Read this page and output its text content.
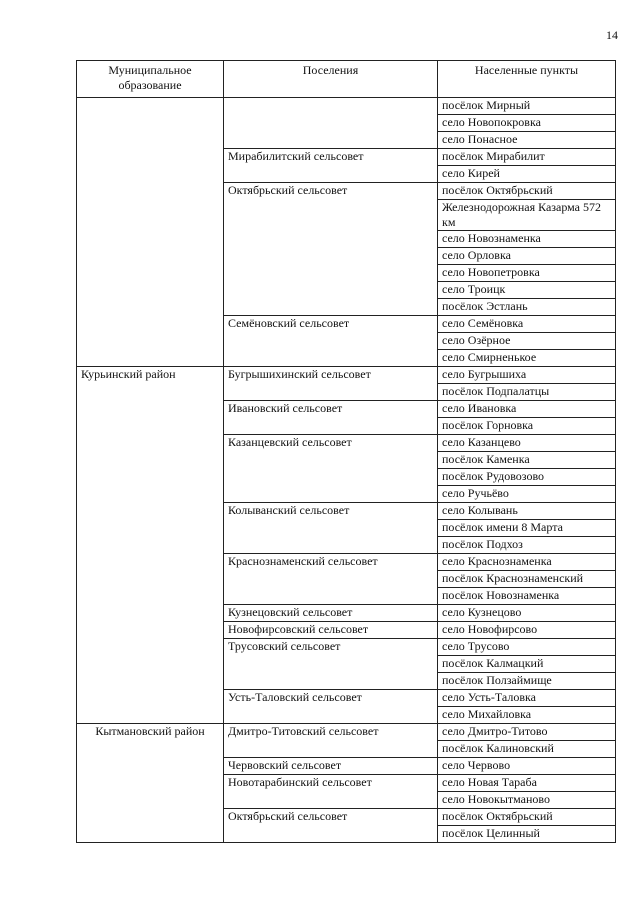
14
Муниципальное образование	Поселения	Населенные пункты
		посёлок Мирный
		село Новопокровка
		село Понасное
	Мирабилитский сельсовет	посёлок Мирабилит
		село Кирей
	Октябрьский сельсовет	посёлок Октябрьский
		Железнодорожная Казарма 572 км
		село Новознаменка
		село Орловка
		село Новопетровка
		село Троицк
		посёлок Эстлань
	Семёновский сельсовет	село Семёновка
		село Озёрное
		село Смирненькое
Курьинский район	Бугрышихинский сельсовет	село Бугрышиха
		посёлок Подпалатцы
	Ивановский сельсовет	село Ивановка
		посёлок Горновка
	Казанцевский сельсовет	село Казанцево
		посёлок Каменка
		посёлок Рудовозово
		село Ручьёво
	Колыванский сельсовет	село Колывань
		посёлок имени 8 Марта
		посёлок Подхоз
	Краснознаменский сельсовет	село Краснознаменка
		посёлок Краснознаменский
		посёлок Новознаменка
	Кузнецовский сельсовет	село Кузнецово
	Новофирсовский сельсовет	село Новофирсово
	Трусовский сельсовет	село Трусово
		посёлок Калмацкий
		посёлок Ползаймище
	Усть-Таловский сельсовет	село Усть-Таловка
		село Михайловка
Кытмановский район	Дмитро-Титовский сельсовет	село Дмитро-Титово
		посёлок Калиновский
	Червовский сельсовет	село Червово
	Новотарабинский сельсовет	село Новая Тараба
		село Новокытманово
	Октябрьский сельсовет	посёлок Октябрьский
		посёлок Целинный
